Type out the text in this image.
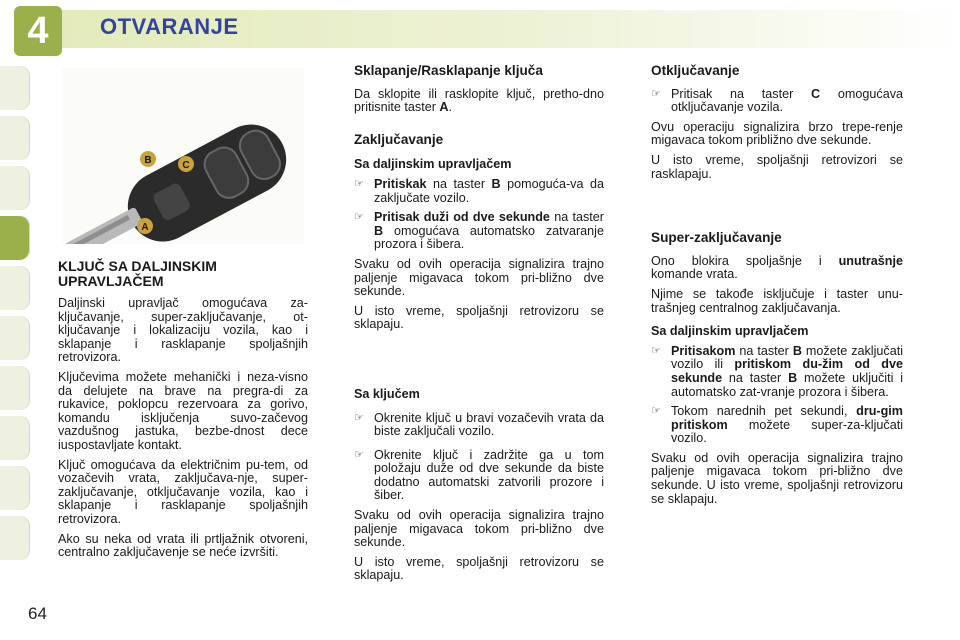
4 OTVARANJE
B	C
A
KLJUČ SA DALJINSKIM
UPRAVLJAČEM

Daljinski upravljač omogućava za-ključavanje, super-zaključavanje, ot-ključavanje i lokalizaciju vozila, kao i sklapanje i rasklapanje spoljašnjih retrovizora.

Ključevima možete mehanički i neza-visno da delujete na brave na pregra-di za rukavice, poklopcu rezervoara za gorivo, komandu isključenja suvo-začevog vazdušnog jastuka, bezbe-dnost dece iuspostavljate kontakt.

Ključ omogućava da električnim pu-tem, od vozačevih vrata, zaključava-nje, super-zaključavanje, otključavanje vozila, kao i sklapanje i rasklapanje spoljašnjih retrovizora.

Ako su neka od vrata ili prtljažnik otvoreni, centralno zaključavenje se neće izvršiti.

Sklapanje/Rasklapanje ključa

Da sklopite ili rasklopite ključ, pretho-dno pritisnite taster A.

Zaključavanje
Sa daljinskim upravljačem
☞ Pritiskak na taster B pomoguća-va da zaključate vozilo.
☞ Pritisak duži od dve sekunde na taster B omogućava automatsko zatvaranje prozora i šibera.

Svaku od ovih operacija signalizira trajno paljenje migavaca tokom pri-bližno dve sekunde.

U isto vreme, spoljašnji retrovizoru se sklapaju.

Sa ključem
☞ Okrenite ključ u bravi vozačevih vrata da biste zaključali vozilo.
☞ Okrenite ključ i zadržite ga u tom položaju duže od dve sekunde da biste dodatno automatski zatvorili prozore i šiber.

Svaku od ovih operacija signalizira trajno paljenje migavaca tokom pri-bližno dve sekunde.

U isto vreme, spoljašnji retrovizoru se sklapaju.

Otključavanje
☞ Pritisak na taster C omogućava otključavanje vozila.

Ovu operaciju signalizira brzo trepe-renje migavaca tokom približno dve sekunde.

U isto vreme, spoljašnji retrovizori se rasklapaju.

Super-zaključavanje

Ono blokira spoljašnje i unutrašnje komande vrata.

Njime se takođe isključuje i taster unu-trašnjeg centralnog zaključavanja.

Sa daljinskim upravljačem
☞ Pritisakom na taster B možete zaključati vozilo ili pritiskom du-žim od dve sekunde na taster B možete uključiti i automatsko zat-vranje prozora i šibera.
☞ Tokom narednih pet sekundi, dru-gim pritiskom možete super-za-ključati vozilo.

Svaku od ovih operacija signalizira trajno paljenje migavaca tokom pri-bližno dve sekunde. U isto vreme, spoljašnji retrovizoru se sklapaju.

64
